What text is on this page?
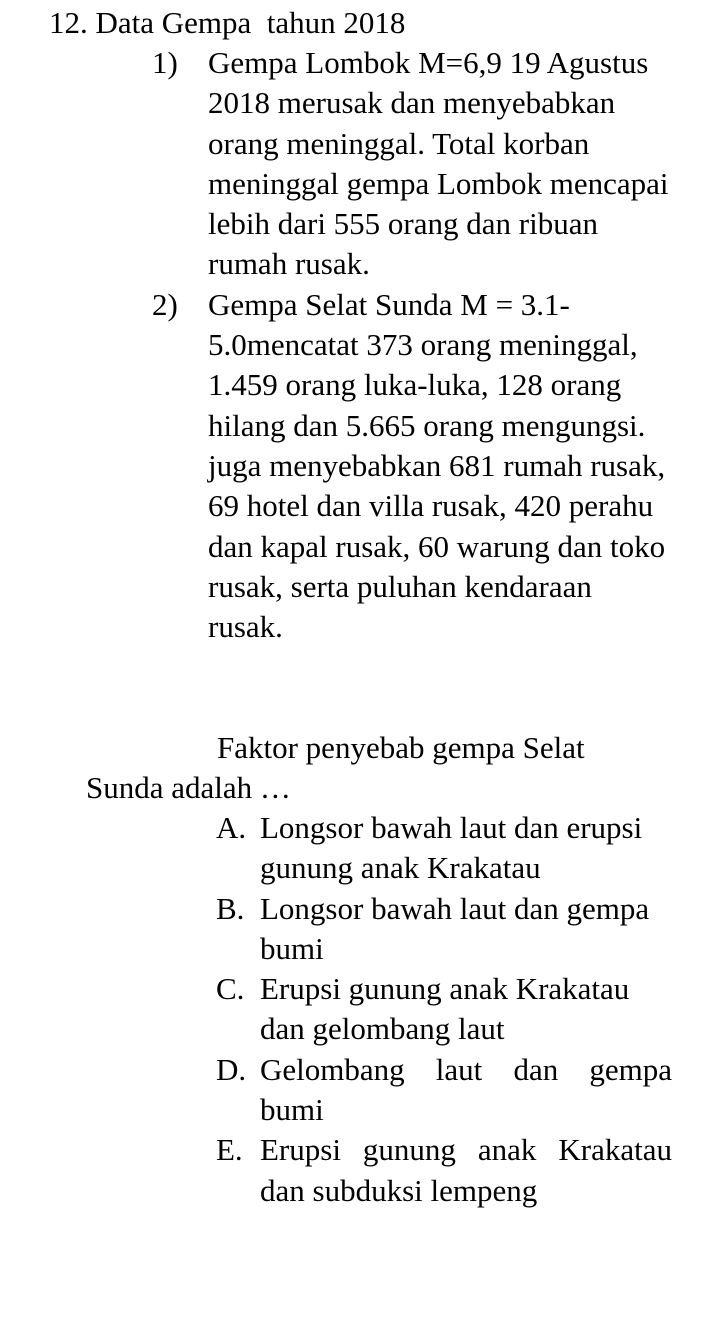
12. Data Gempa  tahun 2018
1) Gempa Lombok M=6,9 19 Agustus 2018 merusak dan menyebabkan orang meninggal. Total korban meninggal gempa Lombok mencapai lebih dari 555 orang dan ribuan rumah rusak.
2) Gempa Selat Sunda M = 3.1-5.0mencatat 373 orang meninggal, 1.459 orang luka-luka, 128 orang hilang dan 5.665 orang mengungsi. juga menyebabkan 681 rumah rusak, 69 hotel dan villa rusak, 420 perahu dan kapal rusak, 60 warung dan toko rusak, serta puluhan kendaraan rusak.
Faktor penyebab gempa Selat Sunda adalah …
A. Longsor bawah laut dan erupsi gunung anak Krakatau
B. Longsor bawah laut dan gempa bumi
C. Erupsi gunung anak Krakatau dan gelombang laut
D. Gelombang laut dan gempa bumi
E. Erupsi gunung anak Krakatau dan subduksi lempeng
